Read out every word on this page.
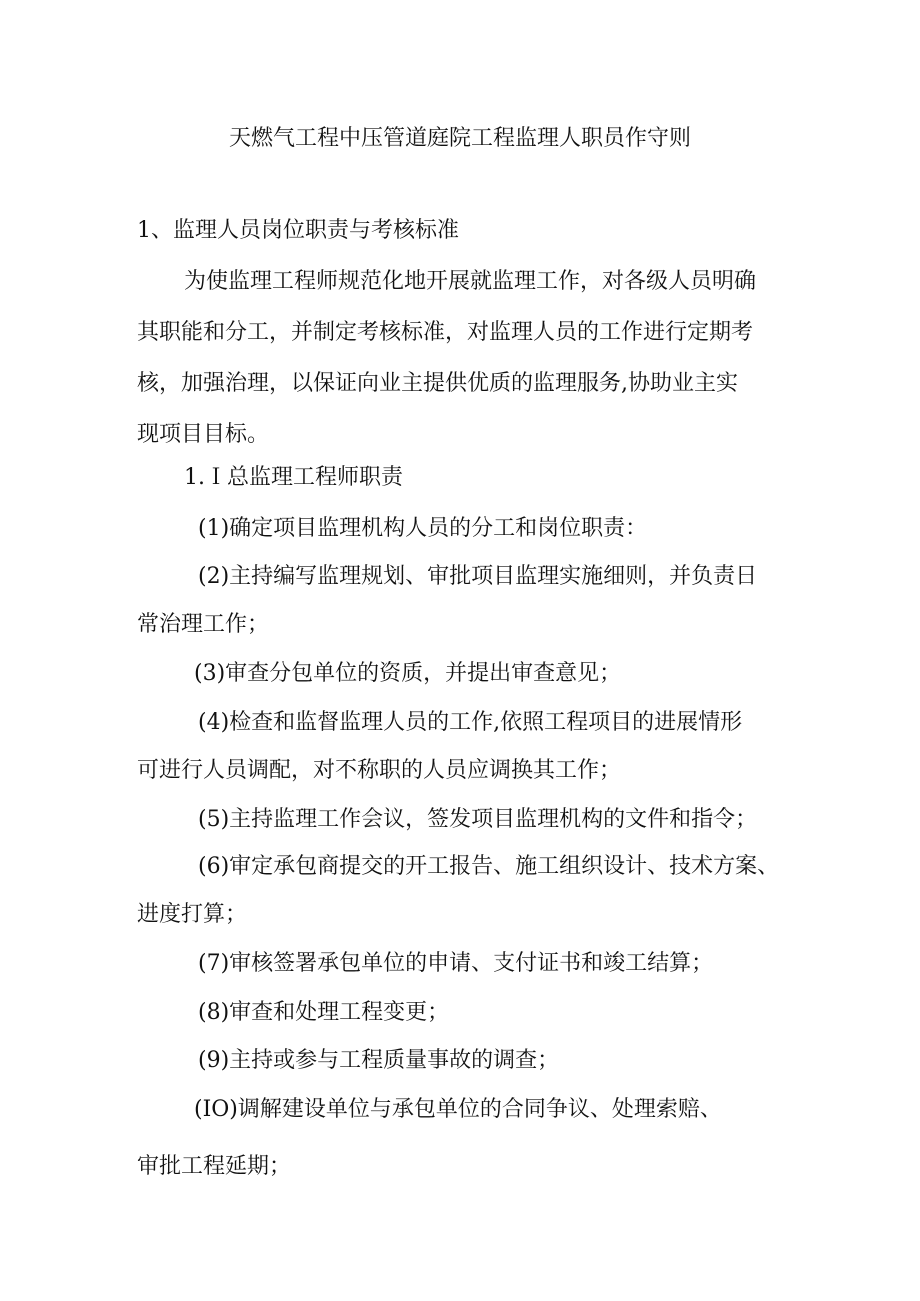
天燃气工程中压管道庭院工程监理人职员作守则
1、监理人员岗位职责与考核标准
为使监理工程师规范化地开展就监理工作，对各级人员明确
其职能和分工，并制定考核标准，对监理人员的工作进行定期考
核，加强治理，以保证向业主提供优质的监理服务,协助业主实
现项目目标。
1.Ｉ总监理工程师职责
(1)确定项目监理机构人员的分工和岗位职责：
(2)主持编写监理规划、审批项目监理实施细则，并负责日
常治理工作；
(3)审查分包单位的资质，并提出审查意见；
(4)检查和监督监理人员的工作,依照工程项目的进展情形
可进行人员调配，对不称职的人员应调换其工作；
(5)主持监理工作会议，签发项目监理机构的文件和指令；
(6)审定承包商提交的开工报告、施工组织设计、技术方案、
进度打算；
(7)审核签署承包单位的申请、支付证书和竣工结算；
(8)审查和处理工程变更；
(9)主持或参与工程质量事故的调查；
(IO)调解建设单位与承包单位的合同争议、处理索赔、
审批工程延期；
